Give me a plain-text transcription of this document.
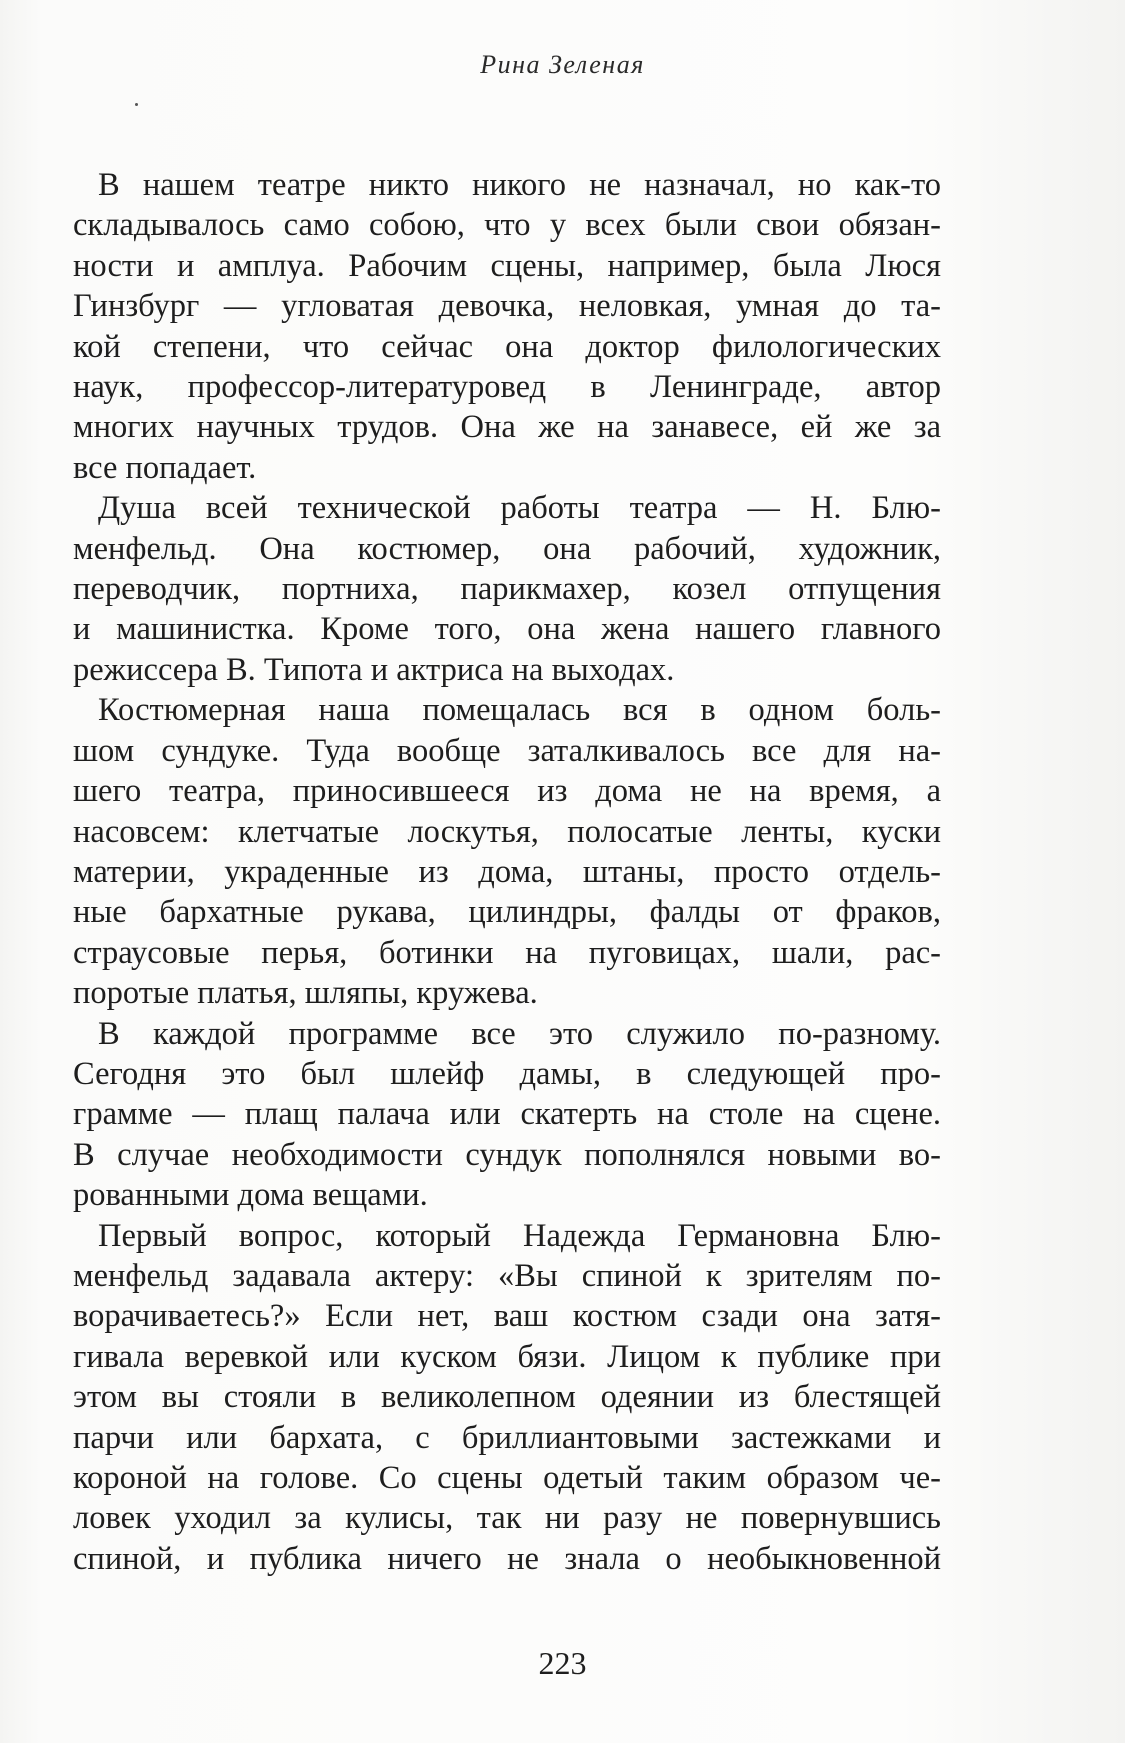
Рина Зеленая
В нашем театре никто никого не назначал, но как-то
складывалось само собою, что у всех были свои обязан-
ности и амплуа. Рабочим сцены, например, была Люся
Гинзбург — угловатая девочка, неловкая, умная до та-
кой степени, что сейчас она доктор филологических
наук, профессор-литературовед в Ленинграде, автор
многих научных трудов. Она же на занавесе, ей же за
все попадает.
Душа всей технической работы театра — Н. Блю-
менфельд. Она костюмер, она рабочий, художник,
переводчик, портниха, парикмахер, козел отпущения
и машинистка. Кроме того, она жена нашего главного
режиссера В. Типота и актриса на выходах.
Костюмерная наша помещалась вся в одном боль-
шом сундуке. Туда вообще заталкивалось все для на-
шего театра, приносившееся из дома не на время, а
насовсем: клетчатые лоскутья, полосатые ленты, куски
материи, украденные из дома, штаны, просто отдель-
ные бархатные рукава, цилиндры, фалды от фраков,
страусовые перья, ботинки на пуговицах, шали, рас-
поротые платья, шляпы, кружева.
В каждой программе все это служило по-разному.
Сегодня это был шлейф дамы, в следующей про-
грамме — плащ палача или скатерть на столе на сцене.
В случае необходимости сундук пополнялся новыми во-
рованными дома вещами.
Первый вопрос, который Надежда Германовна Блю-
менфельд задавала актеру: «Вы спиной к зрителям по-
ворачиваетесь?» Если нет, ваш костюм сзади она затя-
гивала веревкой или куском бязи. Лицом к публике при
этом вы стояли в великолепном одеянии из блестящей
парчи или бархата, с бриллиантовыми застежками и
короной на голове. Со сцены одетый таким образом че-
ловек уходил за кулисы, так ни разу не повернувшись
спиной, и публика ничего не знала о необыкновенной
223
